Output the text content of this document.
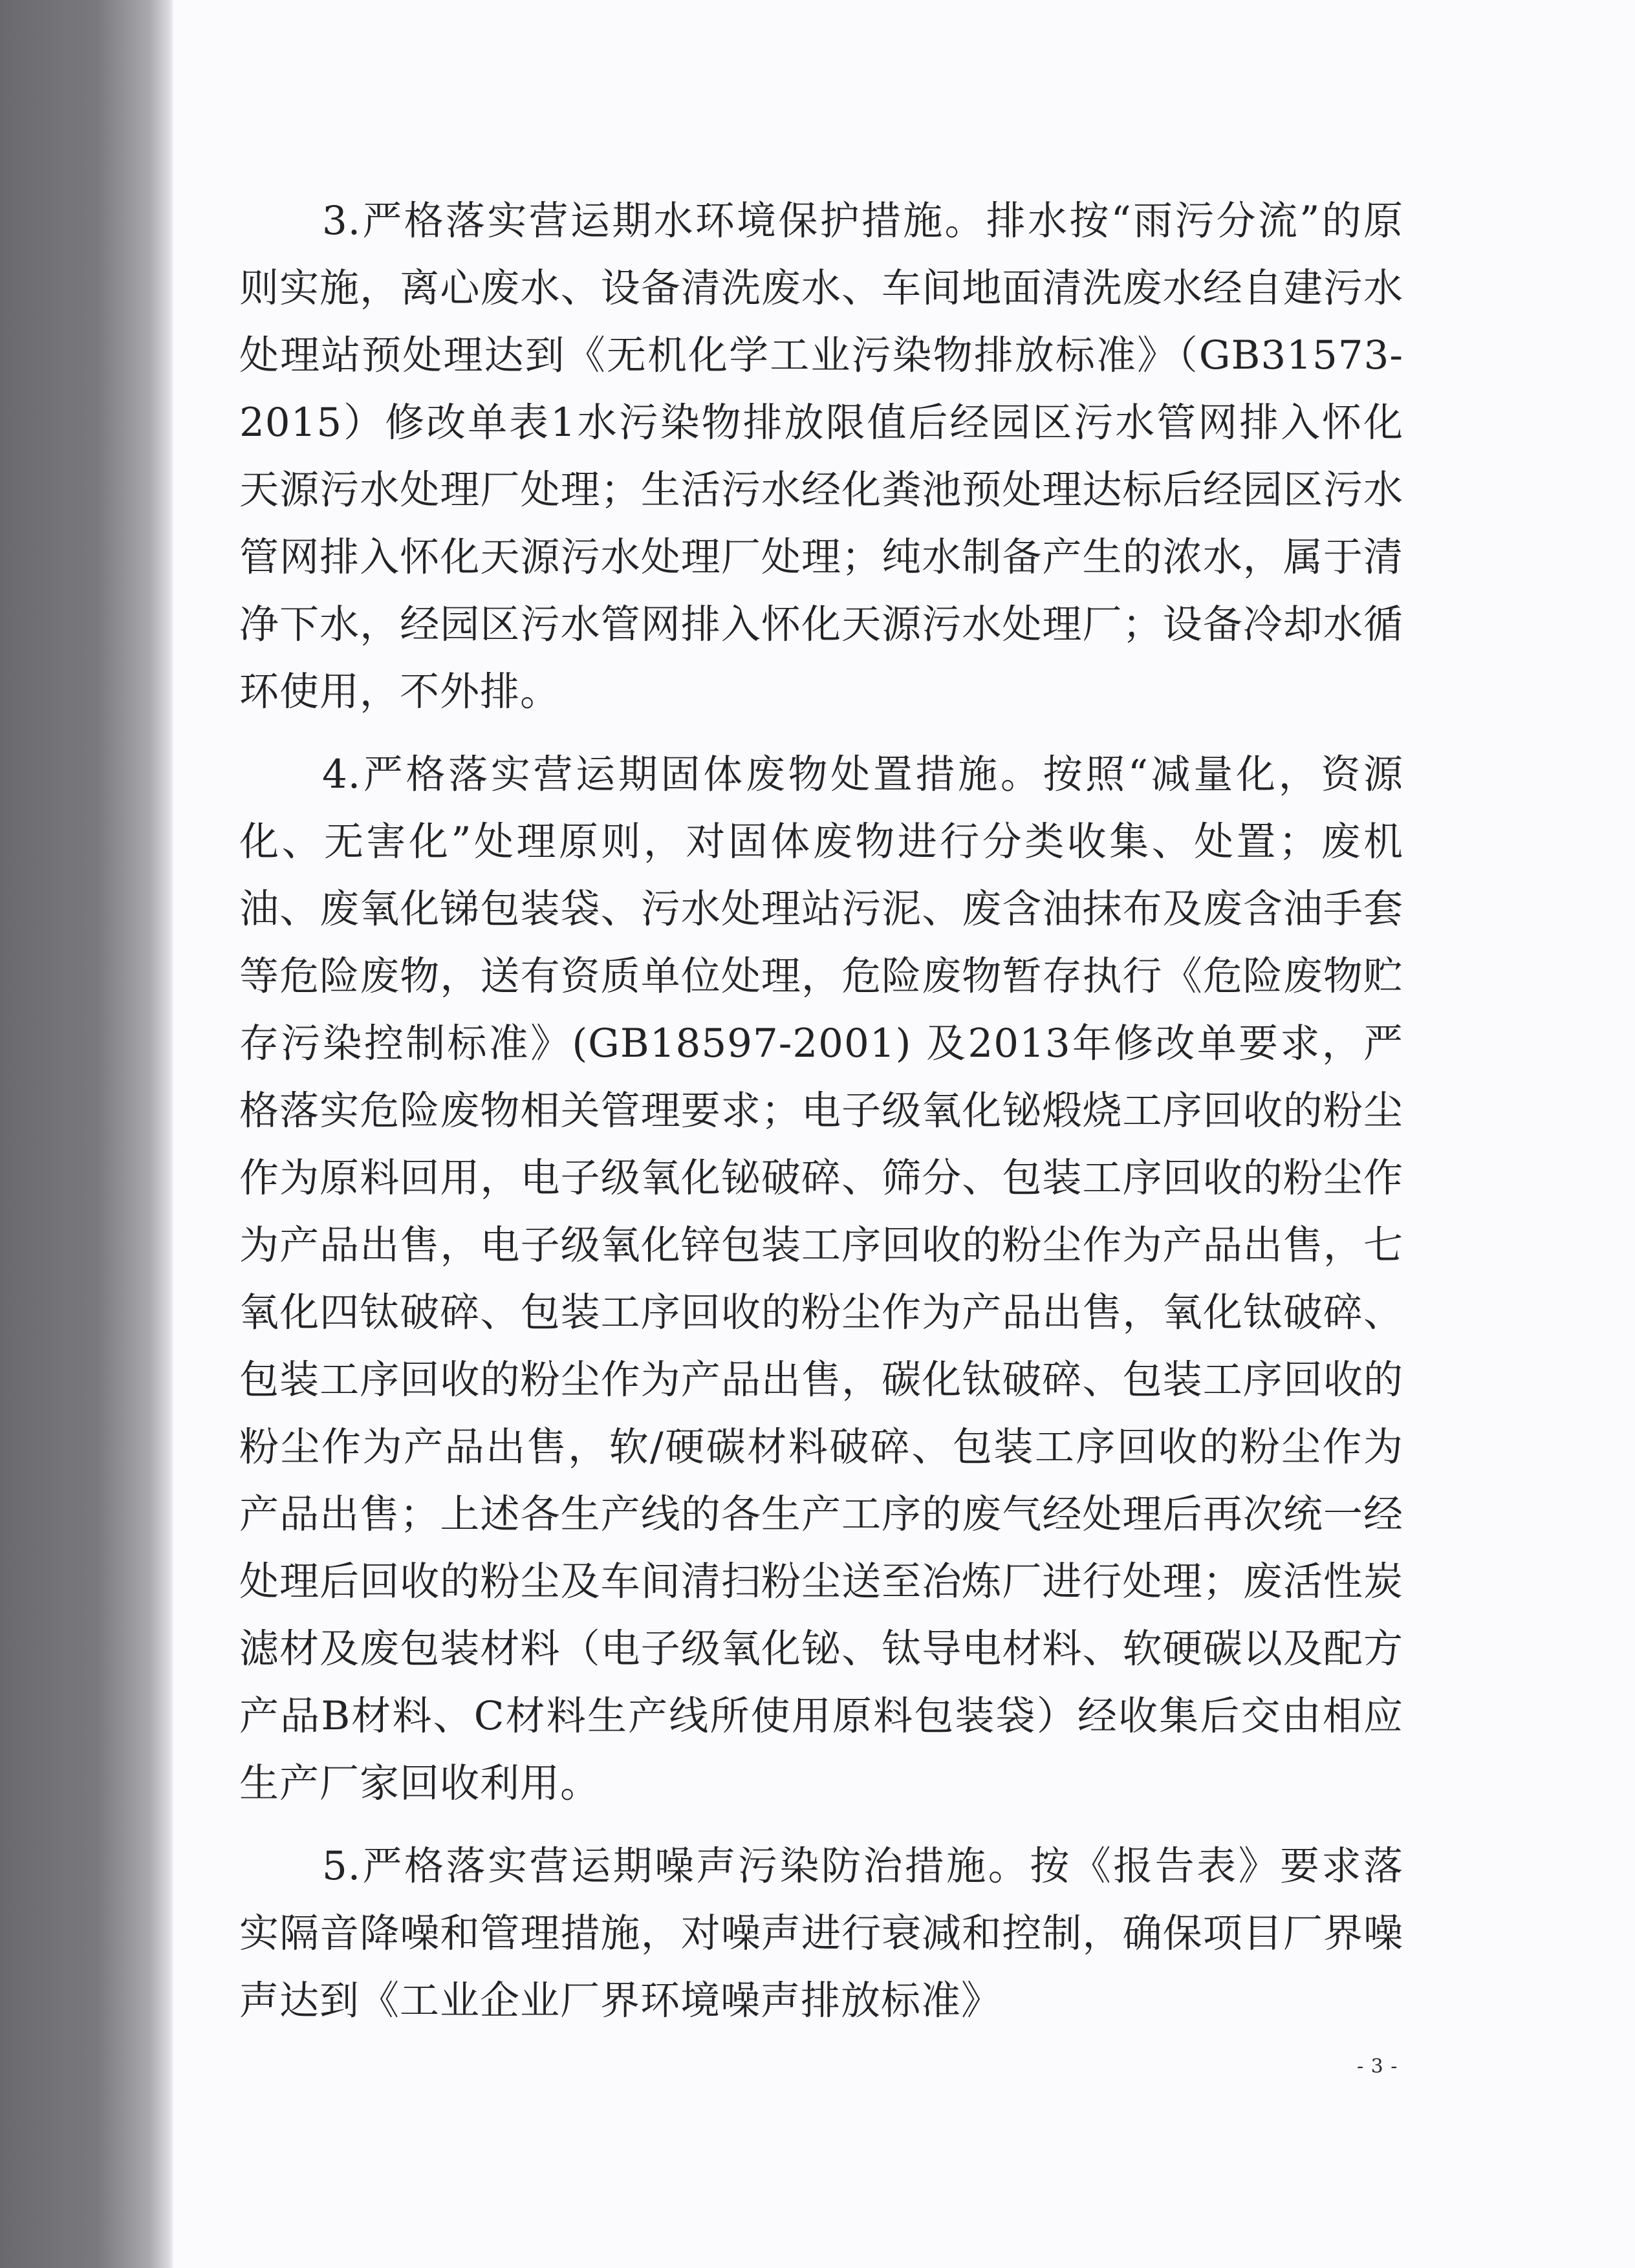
3.严格落实营运期水环境保护措施。排水按“雨污分流”的原则实施，离心废水、设备清洗废水、车间地面清洗废水经自建污水处理站预处理达到《无机化学工业污染物排放标准》（GB31573-2015）修改单表1水污染物排放限值后经园区污水管网排入怀化天源污水处理厂处理；生活污水经化粪池预处理达标后经园区污水管网排入怀化天源污水处理厂处理；纯水制备产生的浓水，属于清净下水，经园区污水管网排入怀化天源污水处理厂；设备冷却水循环使用，不外排。

4.严格落实营运期固体废物处置措施。按照“减量化，资源化、无害化”处理原则，对固体废物进行分类收集、处置；废机油、废氧化锑包装袋、污水处理站污泥、废含油抹布及废含油手套等危险废物，送有资质单位处理，危险废物暂存执行《危险废物贮存污染控制标准》(GB18597-2001) 及2013年修改单要求，严格落实危险废物相关管理要求；电子级氧化铋煅烧工序回收的粉尘作为原料回用，电子级氧化铋破碎、筛分、包装工序回收的粉尘作为产品出售，电子级氧化锌包装工序回收的粉尘作为产品出售，七氧化四钛破碎、包装工序回收的粉尘作为产品出售，氧化钛破碎、包装工序回收的粉尘作为产品出售，碳化钛破碎、包装工序回收的粉尘作为产品出售，软/硬碳材料破碎、包装工序回收的粉尘作为产品出售；上述各生产线的各生产工序的废气经处理后再次统一经处理后回收的粉尘及车间清扫粉尘送至冶炼厂进行处理；废活性炭滤材及废包装材料（电子级氧化铋、钛导电材料、软硬碳以及配方产品B材料、C材料生产线所使用原料包装袋）经收集后交由相应生产厂家回收利用。

5.严格落实营运期噪声污染防治措施。按《报告表》要求落实隔音降噪和管理措施，对噪声进行衰减和控制，确保项目厂界噪声达到《工业企业厂界环境噪声排放标准》

- 3 -
